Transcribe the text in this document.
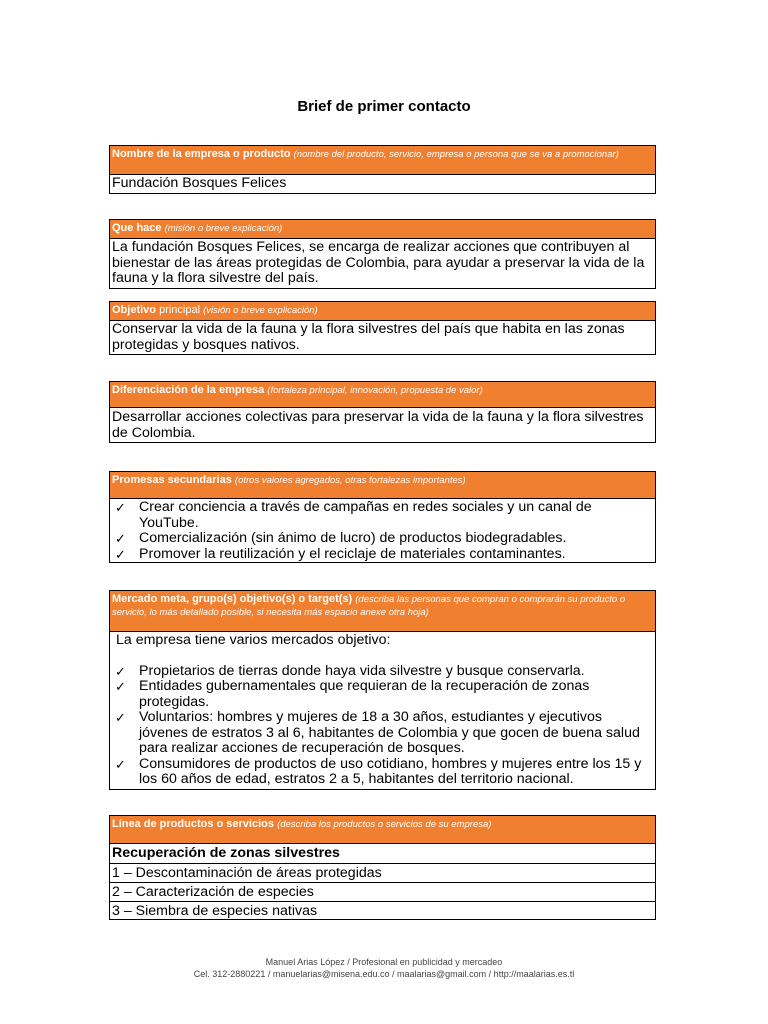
Brief de primer contacto
Nombre de la empresa o producto (nombre del producto, servicio, empresa o persona que se va a promocionar)
Fundación Bosques Felices
Que hace (misión o breve explicación)
La fundación Bosques Felices, se encarga de realizar acciones que contribuyen al bienestar de las áreas protegidas de Colombia, para ayudar a preservar la vida de la fauna y la flora silvestre del país.
Objetivo principal (visión o breve explicación)
Conservar la vida de la fauna y la flora silvestres del país que habita en las zonas protegidas y bosques nativos.
Diferenciación de la empresa (fortaleza principal, innovación, propuesta de valor)
Desarrollar acciones colectivas para preservar la vida de la fauna y la flora silvestres de Colombia.
Promesas secundarias (otros valores agregados, otras fortalezas importantes)
✓ Crear conciencia a través de campañas en redes sociales y un canal de YouTube.
✓ Comercialización (sin ánimo de lucro) de productos biodegradables.
✓ Promover la reutilización y el reciclaje de materiales contaminantes.
Mercado meta, grupo(s) objetivo(s) o target(s) (describa las personas que compran o comprarán su producto o servicio, lo más detallado posible, si necesita más espacio anexe otra hoja)
La empresa tiene varios mercados objetivo:
✓ Propietarios de tierras donde haya vida silvestre y busque conservarla.
✓ Entidades gubernamentales que requieran de la recuperación de zonas protegidas.
✓ Voluntarios: hombres y mujeres de 18 a 30 años, estudiantes y ejecutivos jóvenes de estratos 3 al 6, habitantes de Colombia y que gocen de buena salud para realizar acciones de recuperación de bosques.
✓ Consumidores de productos de uso cotidiano, hombres y mujeres entre los 15 y los 60 años de edad, estratos 2 a 5, habitantes del territorio nacional.
Línea de productos o servicios (describa los productos o servicios de su empresa)
Recuperación de zonas silvestres
1 – Descontaminación de áreas protegidas
2 – Caracterización de especies
3 – Siembra de especies nativas
Manuel Arias López / Profesional en publicidad y mercadeo
Cel. 312-2880221 / manuelarias@misena.edu.co / maalarias@gmail.com / http://maalarias.es.tl
